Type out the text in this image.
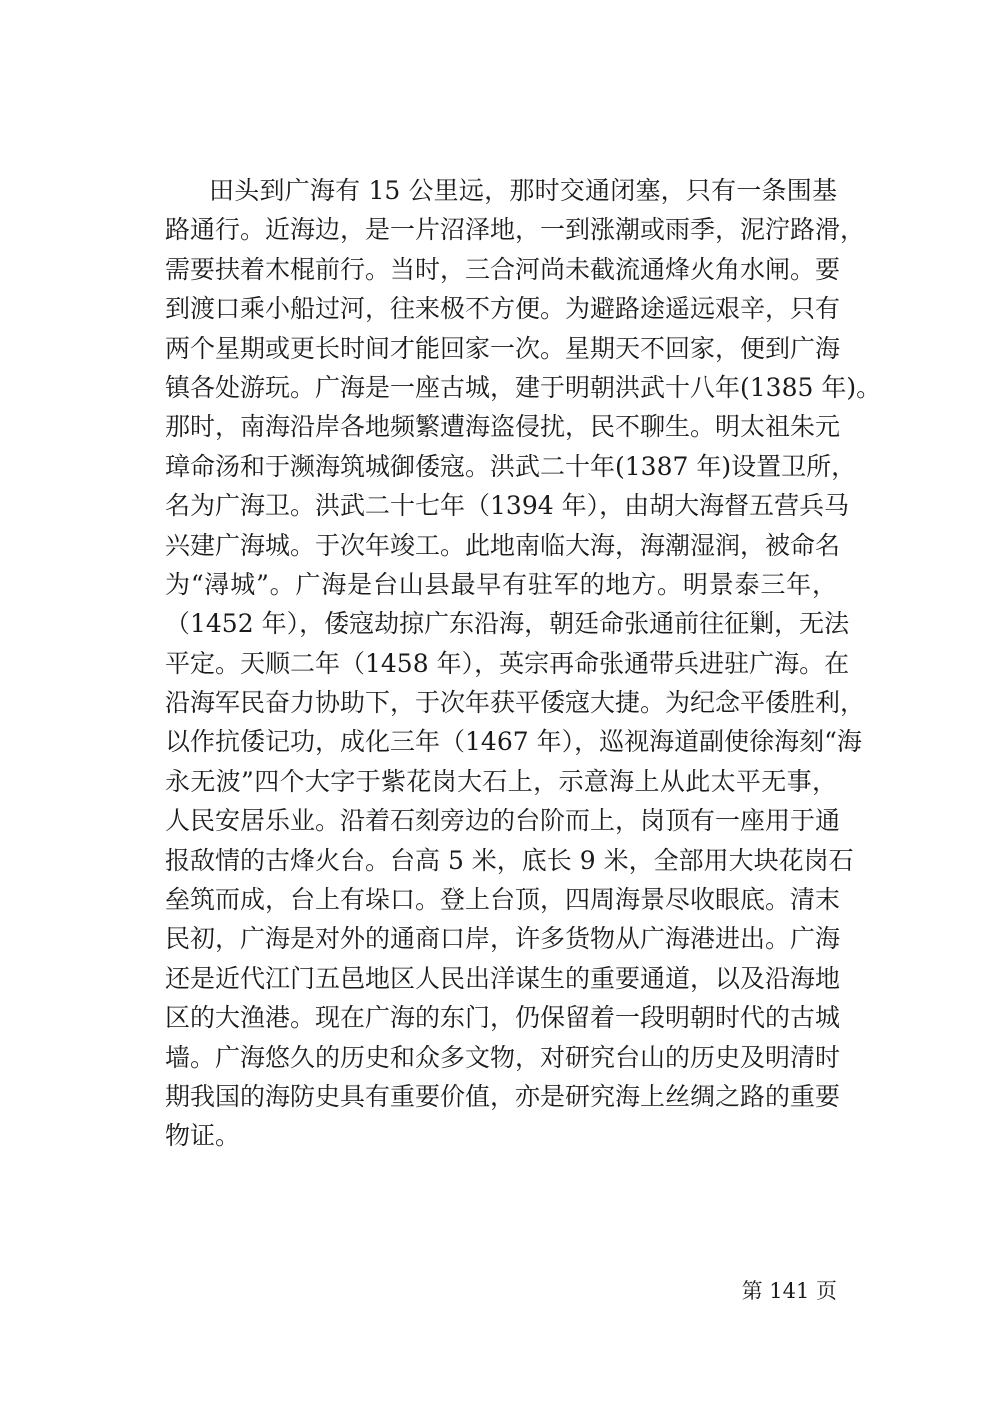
田头到广海有 15 公里远，那时交通闭塞，只有一条围基
路通行。近海边，是一片沼泽地，一到涨潮或雨季，泥泞路滑，
需要扶着木棍前行。当时，三合河尚未截流通烽火角水闸。要
到渡口乘小船过河，往来极不方便。为避路途遥远艰辛，只有
两个星期或更长时间才能回家一次。星期天不回家，便到广海
镇各处游玩。广海是一座古城，建于明朝洪武十八年(1385 年)。
那时，南海沿岸各地频繁遭海盗侵扰，民不聊生。明太祖朱元
璋命汤和于濒海筑城御倭寇。洪武二十年(1387 年)设置卫所，
名为广海卫。洪武二十七年（1394 年），由胡大海督五营兵马
兴建广海城。于次年竣工。此地南临大海，海潮湿润，被命名
为“潯城”。广海是台山县最早有驻军的地方。明景泰三年，
（1452 年），倭寇劫掠广东沿海，朝廷命张通前往征剿，无法
平定。天顺二年（1458 年），英宗再命张通带兵进驻广海。在
沿海军民奋力协助下，于次年获平倭寇大捷。为纪念平倭胜利，
以作抗倭记功，成化三年（1467 年），巡视海道副使徐海刻“海
永无波”四个大字于紫花岗大石上，示意海上从此太平无事，
人民安居乐业。沿着石刻旁边的台阶而上，岗顶有一座用于通
报敌情的古烽火台。台高 5 米，底长 9 米，全部用大块花岗石
垒筑而成，台上有垛口。登上台顶，四周海景尽收眼底。清末
民初，广海是对外的通商口岸，许多货物从广海港进出。广海
还是近代江门五邑地区人民出洋谋生的重要通道，以及沿海地
区的大渔港。现在广海的东门，仍保留着一段明朝时代的古城
墙。广海悠久的历史和众多文物，对研究台山的历史及明清时
期我国的海防史具有重要价值，亦是研究海上丝绸之路的重要
物证。
第 141 页
